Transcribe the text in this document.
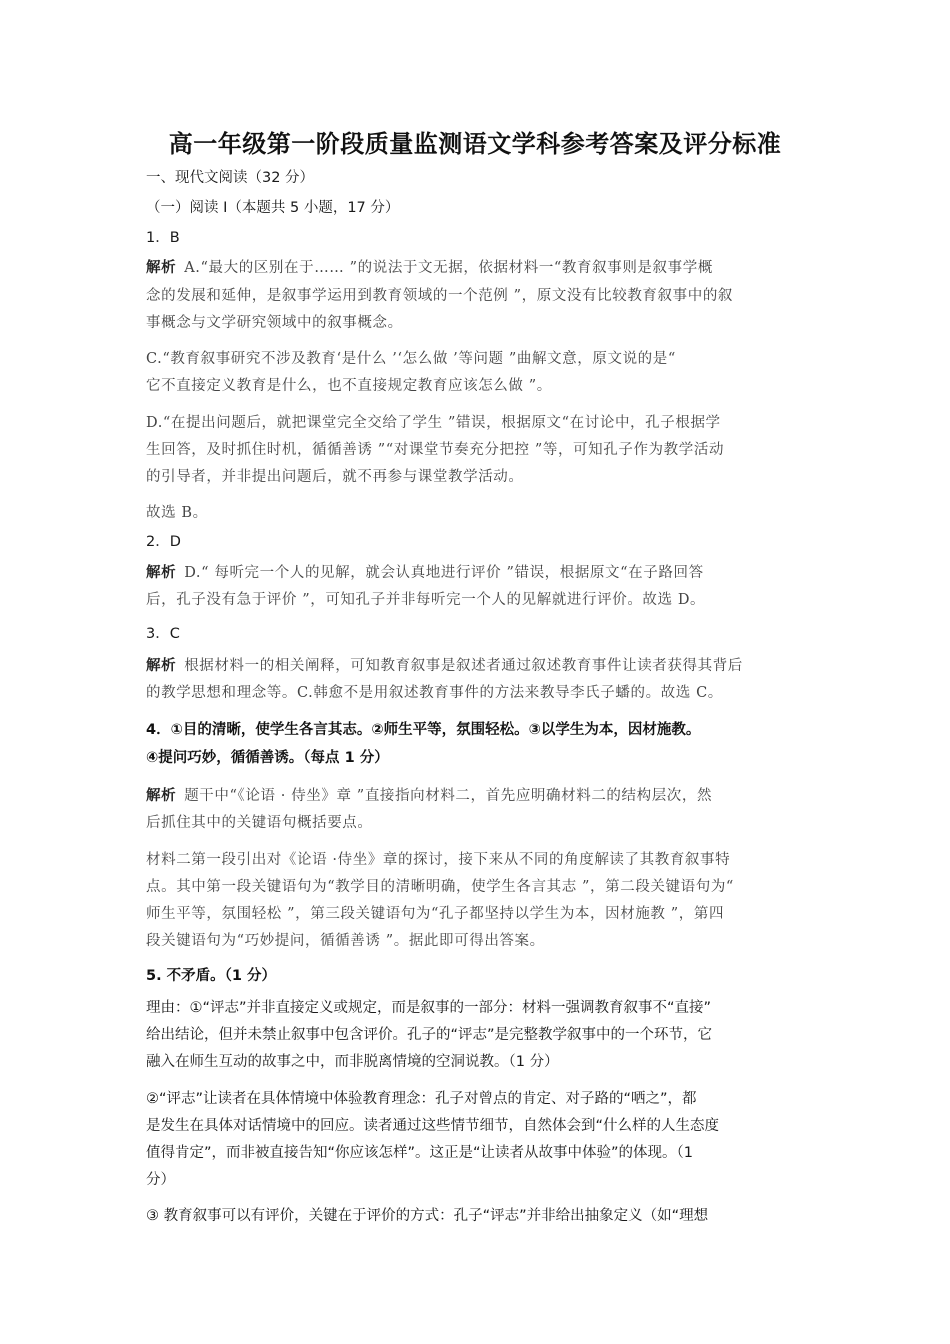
高一年级第一阶段质量监测语文学科参考答案及评分标准
一、现代文阅读（32 分）
（一）阅读 I（本题共 5 小题，17 分）
1．B
解析 A.“最大的区别在于…… ”的说法于文无据，依据材料一“教育叙事则是叙事学概
念的发展和延伸，是叙事学运用到教育领域的一个范例 ”，原文没有比较教育叙事中的叙
事概念与文学研究领域中的叙事概念。
C.“教育叙事研究不涉及教育‘是什么 ’‘怎么做 ’等问题 ”曲解文意，原文说的是“
它不直接定义教育是什么，也不直接规定教育应该怎么做 ”。
D.“在提出问题后，就把课堂完全交给了学生 ”错误，根据原文“在讨论中，孔子根据学
生回答，及时抓住时机，循循善诱 ”“对课堂节奏充分把控 ”等，可知孔子作为教学活动
的引导者，并非提出问题后，就不再参与课堂教学活动。
故选 B。
2．D
解析 D.“ 每听完一个人的见解，就会认真地进行评价 ”错误，根据原文“在子路回答
后，孔子没有急于评价 ”，可知孔子并非每听完一个人的见解就进行评价。故选 D。
3．C
解析 根据材料一的相关阐释，可知教育叙事是叙述者通过叙述教育事件让读者获得其背后
的教学思想和理念等。C.韩愈不是用叙述教育事件的方法来教导李氏子蟠的。故选 C。
4．①目的清晰，使学生各言其志。②师生平等，氛围轻松。③以学生为本，因材施教。
④提问巧妙，循循善诱。（每点 1 分）
解析 题干中“《论语 · 侍坐》章 ”直接指向材料二，首先应明确材料二的结构层次，然
后抓住其中的关键语句概括要点。
材料二第一段引出对《论语 ·侍坐》章的探讨，接下来从不同的角度解读了其教育叙事特
点。其中第一段关键语句为“教学目的清晰明确，使学生各言其志 ”，第二段关键语句为“
师生平等，氛围轻松 ”，第三段关键语句为“孔子都坚持以学生为本，因材施教 ”，第四
段关键语句为“巧妙提问，循循善诱 ”。据此即可得出答案。
5. 不矛盾。（1 分）
理由：①“评志”并非直接定义或规定，而是叙事的一部分：材料一强调教育叙事不“直接”
给出结论，但并未禁止叙事中包含评价。孔子的“评志”是完整教学叙事中的一个环节，它
融入在师生互动的故事之中，而非脱离情境的空洞说教。（1 分）
②“评志”让读者在具体情境中体验教育理念：孔子对曾点的肯定、对子路的“哂之”，都
是发生在具体对话情境中的回应。读者通过这些情节细节，自然体会到“什么样的人生态度
值得肯定”，而非被直接告知“你应该怎样”。这正是“让读者从故事中体验”的体现。（1
分）
③ 教育叙事可以有评价，关键在于评价的方式：孔子“评志”并非给出抽象定义（如“理想
